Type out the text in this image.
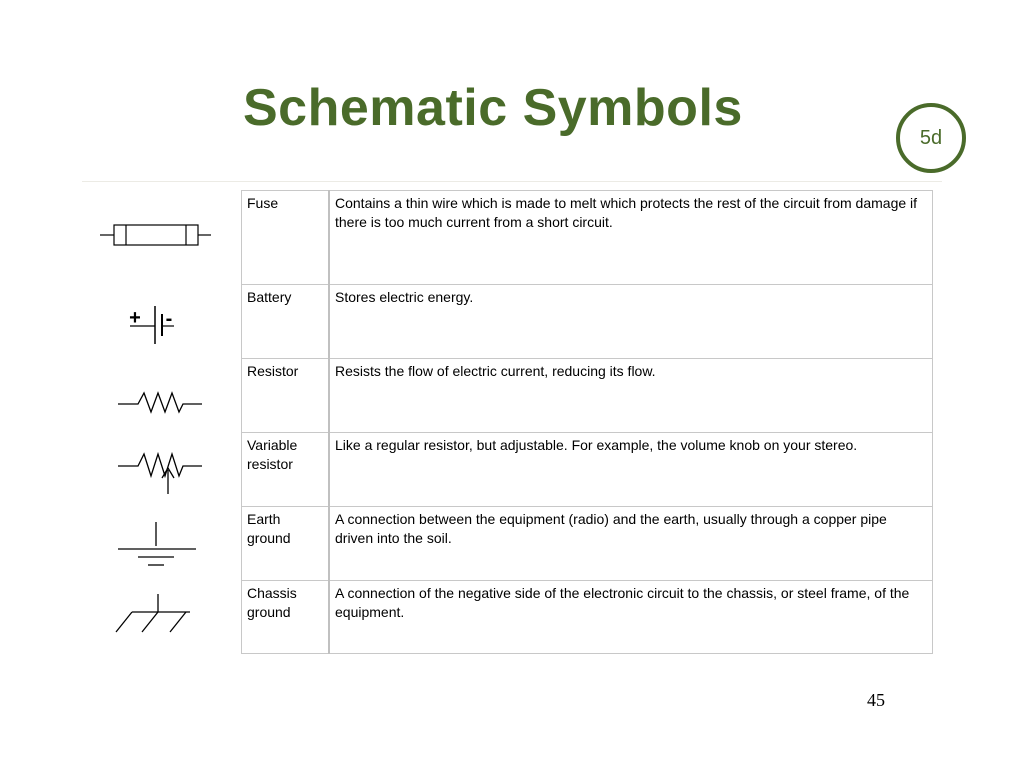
Schematic Symbols
5d
+ -
Fuse	Contains a thin wire which is made to melt which protects the rest of the circuit from damage if there is too much current from a short circuit.
Battery	Stores electric energy.
Resistor	Resists the flow of electric current, reducing its flow.
Variable resistor	Like a regular resistor, but adjustable. For example, the volume knob on your stereo.
Earth ground	A connection between the equipment (radio) and the earth, usually through a copper pipe driven into the soil.
Chassis ground	A connection of the negative side of the electronic circuit to the chassis, or steel frame, of the equipment.
45
